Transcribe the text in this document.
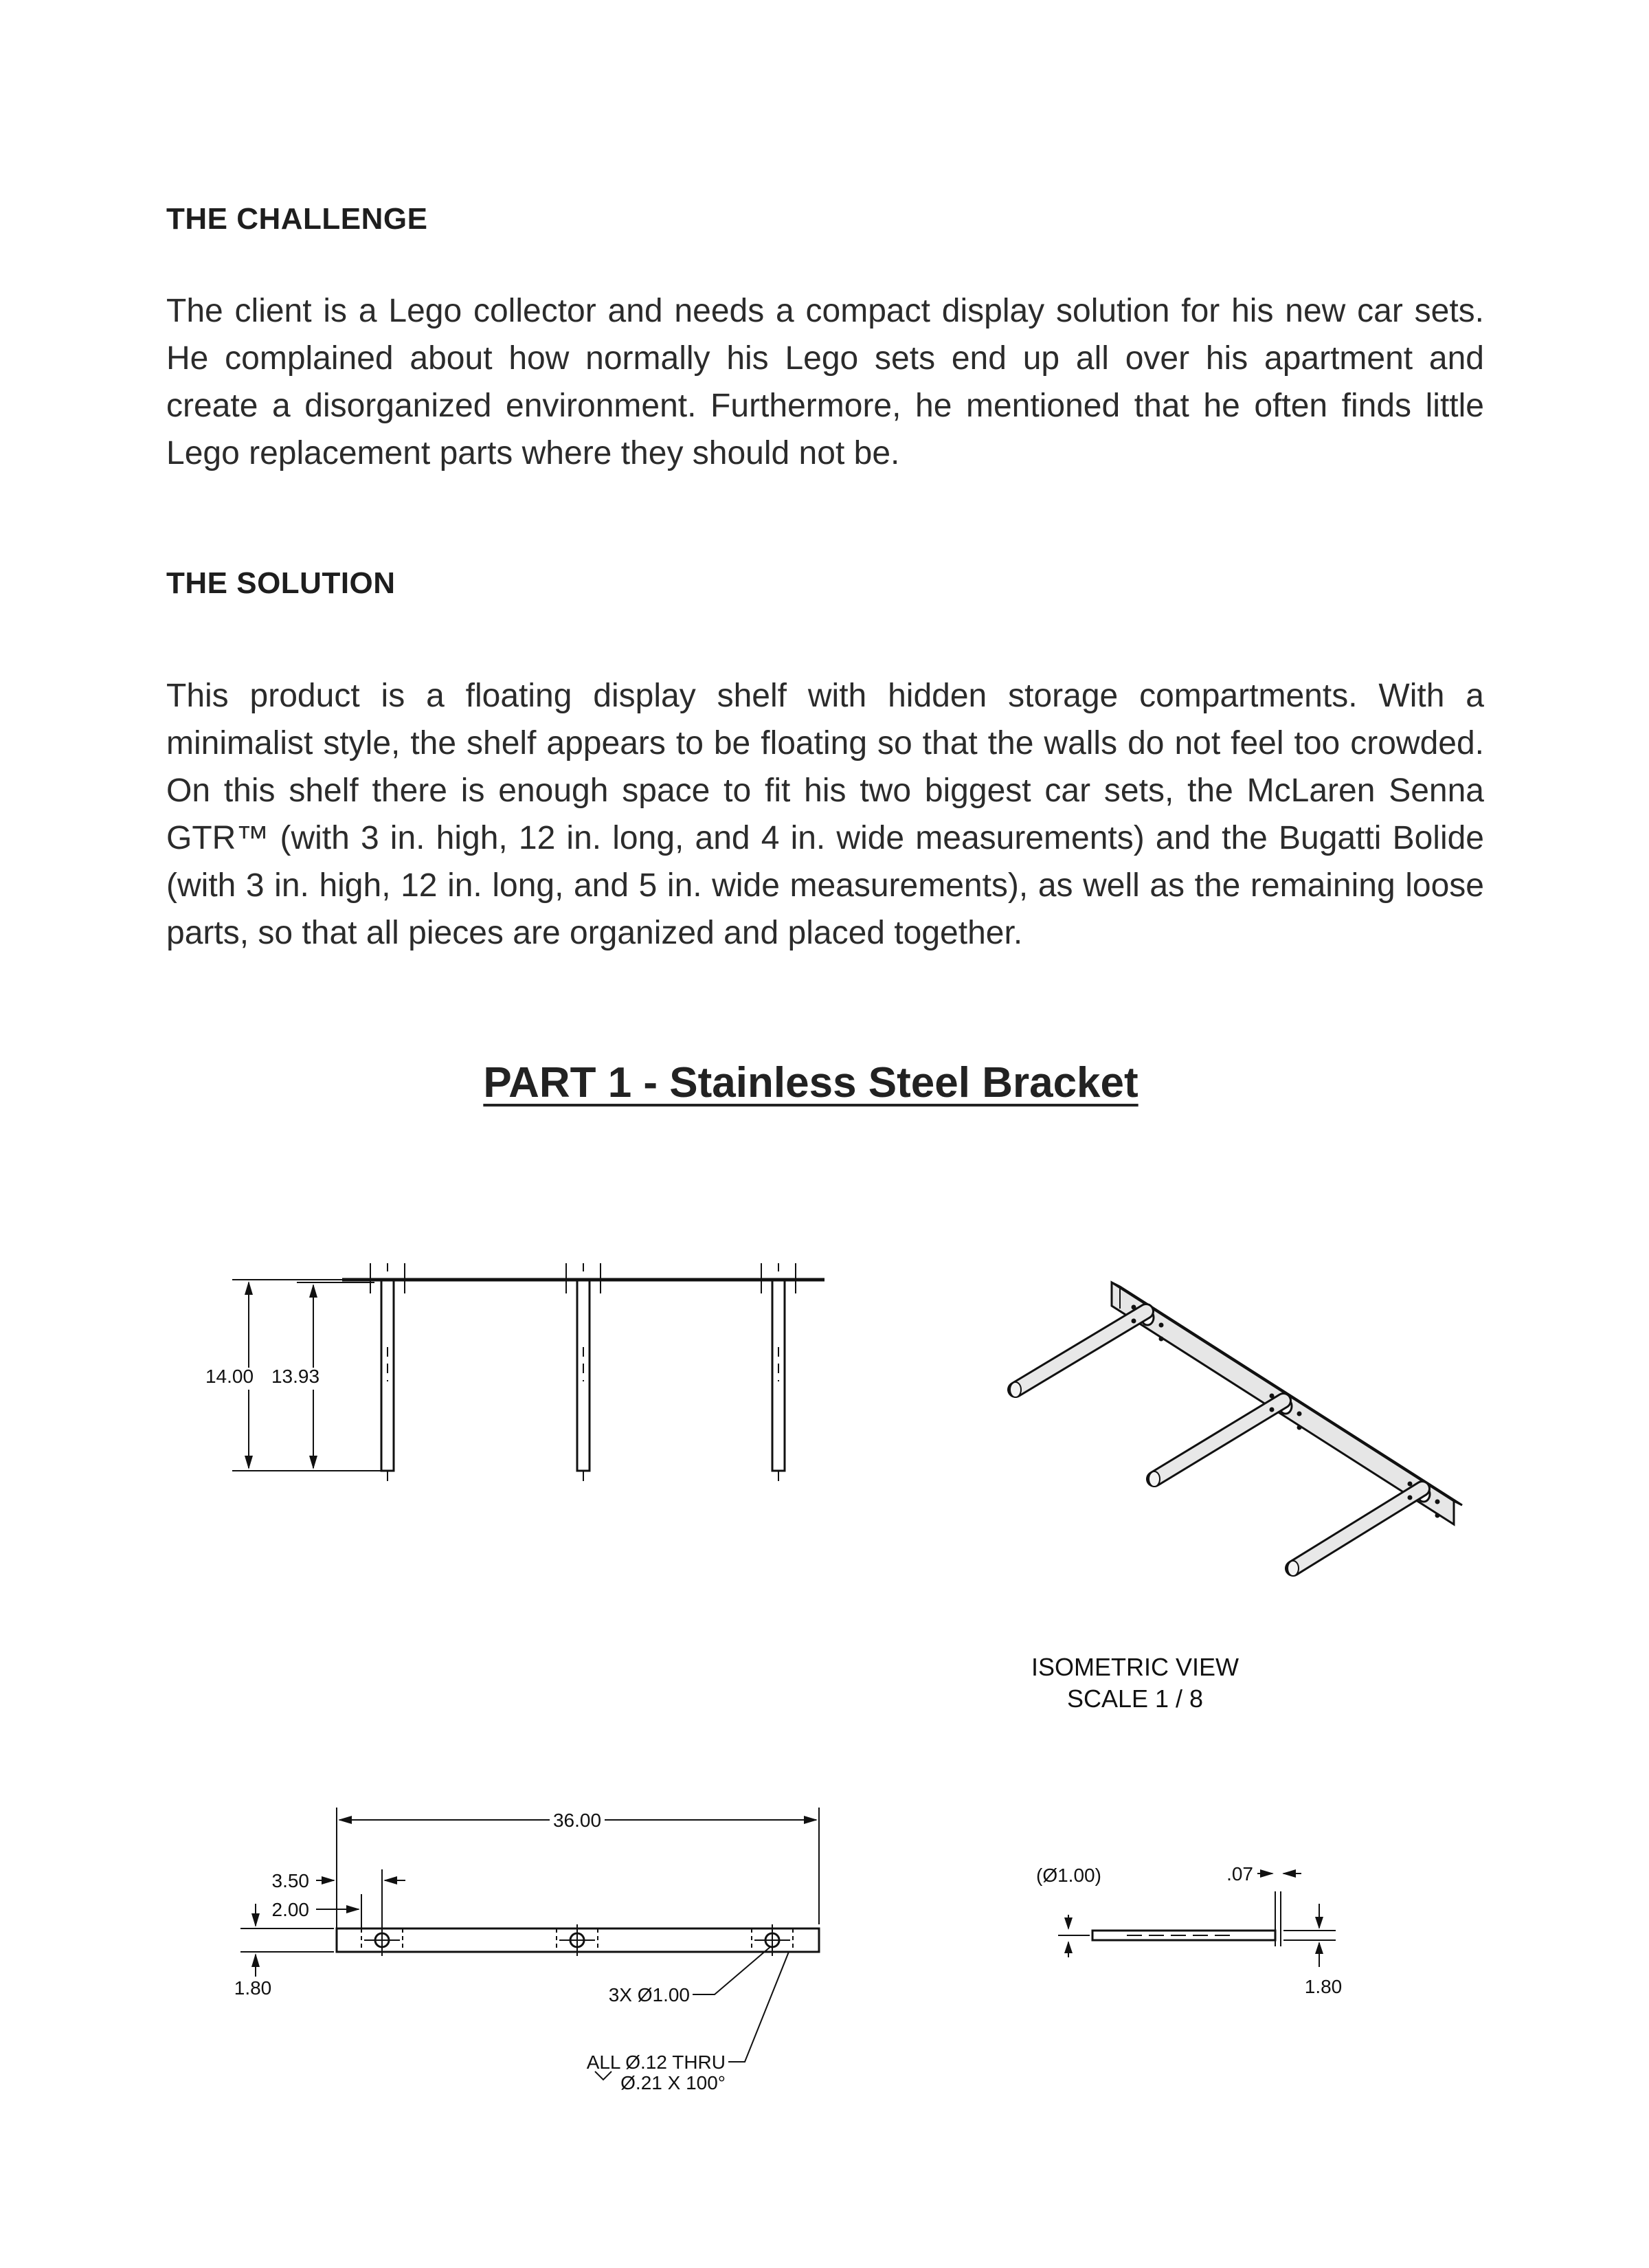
THE CHALLENGE

The client is a Lego collector and needs a compact display solution for his new car sets. He complained about how normally his Lego sets end up all over his apartment and create a disorganized environment. Furthermore, he mentioned that he often finds little Lego replacement parts where they should not be.

THE SOLUTION

This product is a floating display shelf with hidden storage compartments. With a minimalist style, the shelf appears to be floating so that the walls do not feel too crowded. On this shelf there is enough space to fit his two biggest car sets, the McLaren Senna GTR™ (with 3 in. high, 12 in. long, and 4 in. wide measurements) and the Bugatti Bolide (with 3 in. high, 12 in. long, and 5 in. wide measurements), as well as the remaining loose parts, so that all pieces are organized and placed together.

PART 1 - Stainless Steel Bracket
14.00 13.93
ISOMETRIC VIEW
SCALE 1 / 8
36.00
3.50
2.00
1.80	3X Ø1.00
ALL Ø.12 THRU
Ø.21 X 100°
(Ø1.00)	.07
1.80
